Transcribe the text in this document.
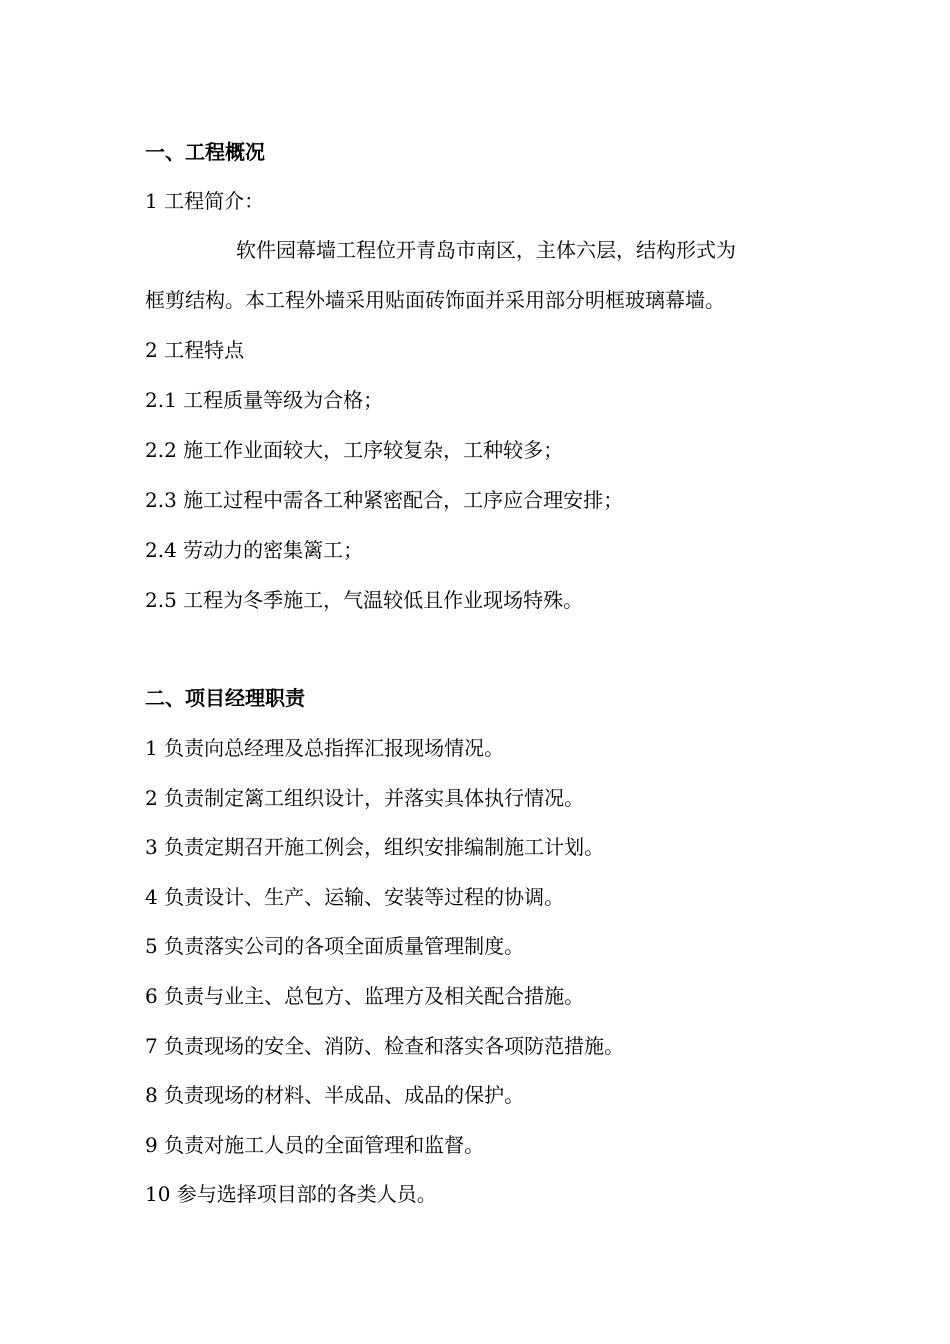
一、工程概况
1 工程简介：
软件园幕墙工程位开青岛市南区，主体六层，结构形式为
框剪结构。本工程外墙采用贴面砖饰面并采用部分明框玻璃幕墙。
2 工程特点
2.1 工程质量等级为合格；
2.2 施工作业面较大，工序较复杂，工种较多；
2.3 施工过程中需各工种紧密配合，工序应合理安排；
2.4 劳动力的密集篱工；
2.5 工程为冬季施工，气温较低且作业现场特殊。
二、项目经理职责
1 负责向总经理及总指挥汇报现场情况。
2 负责制定篱工组织设计，并落实具体执行情况。
3 负责定期召开施工例会，组织安排编制施工计划。
4 负责设计、生产、运输、安装等过程的协调。
5 负责落实公司的各项全面质量管理制度。
6 负责与业主、总包方、监理方及相关配合措施。
7 负责现场的安全、消防、检查和落实各项防范措施。
8 负责现场的材料、半成品、成品的保护。
9 负责对施工人员的全面管理和监督。
10 参与选择项目部的各类人员。
